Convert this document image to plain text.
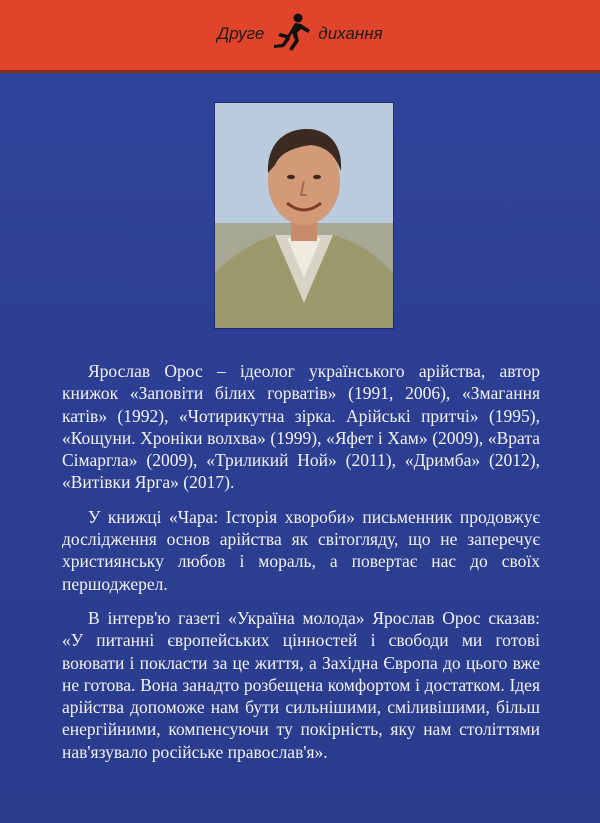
Друге	дихання

Ярослав Орос – ідеолог українського арійства, автор книжок «Заповіти білих горватів» (1991, 2006), «Змагання катів» (1992), «Чотирикутна зірка. Арійські притчі» (1995), «Кощуни. Хроніки волхва» (1999), «Яфет і Хам» (2009), «Врата Сімаргла» (2009), «Триликий Ной» (2011), «Дримба» (2012), «Витівки Ярга» (2017).

У книжці «Чара: Історія хвороби» письменник продовжує дослідження основ арійства як світогляду, що не заперечує християнську любов і мораль, а повертає нас до своїх першоджерел.

В інтерв'ю газеті «Україна молода» Ярослав Орос сказав: «У питанні європейських цінностей і свободи ми готові воювати і покласти за це життя, а Західна Європа до цього вже не готова. Вона занадто розбещена комфортом і достатком. Ідея арійства допоможе нам бути сильнішими, сміливішими, більш енергійними, компенсуючи ту покірність, яку нам століттями нав'язувало російське православ'я».
